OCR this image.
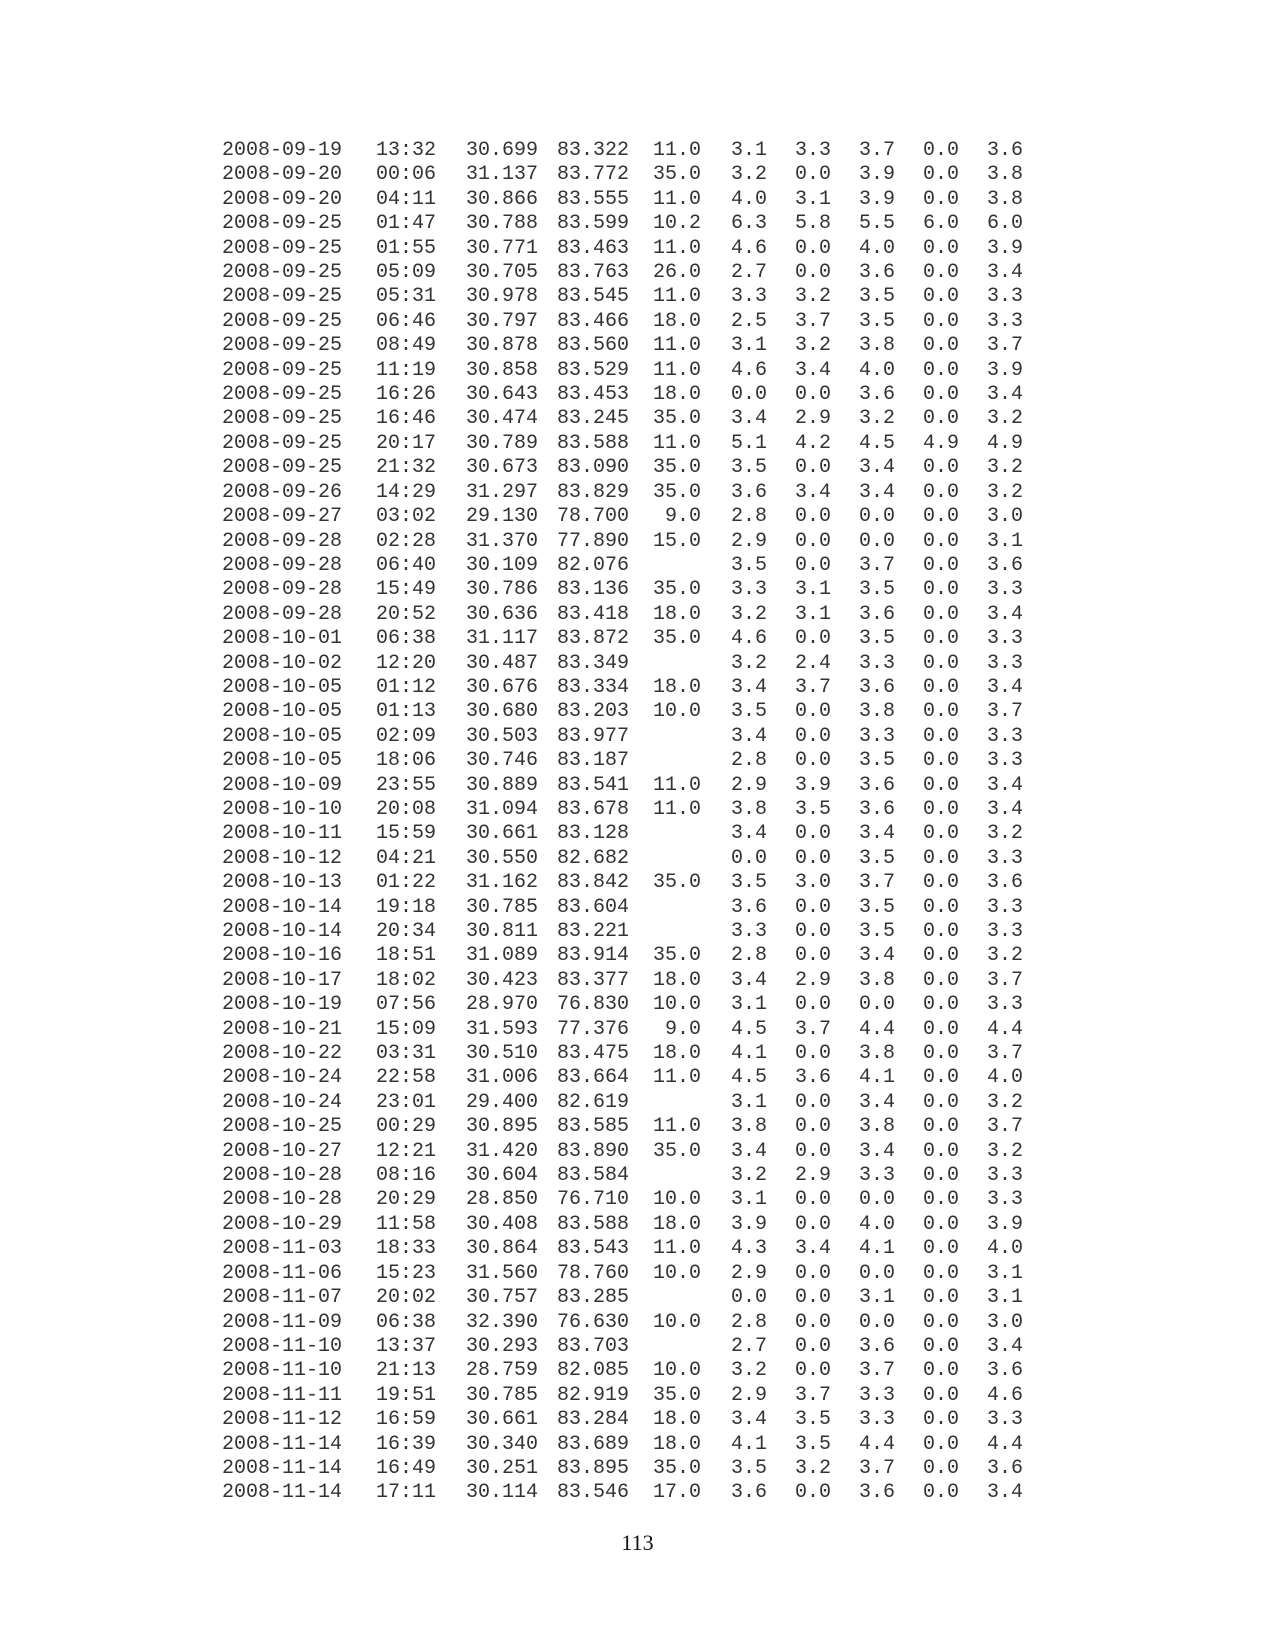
2008-09-19	13:32	30.699	83.322	11.0	3.1	3.3	3.7	0.0	3.6
2008-09-20	00:06	31.137	83.772	35.0	3.2	0.0	3.9	0.0	3.8
2008-09-20	04:11	30.866	83.555	11.0	4.0	3.1	3.9	0.0	3.8
2008-09-25	01:47	30.788	83.599	10.2	6.3	5.8	5.5	6.0	6.0
2008-09-25	01:55	30.771	83.463	11.0	4.6	0.0	4.0	0.0	3.9
2008-09-25	05:09	30.705	83.763	26.0	2.7	0.0	3.6	0.0	3.4
2008-09-25	05:31	30.978	83.545	11.0	3.3	3.2	3.5	0.0	3.3
2008-09-25	06:46	30.797	83.466	18.0	2.5	3.7	3.5	0.0	3.3
2008-09-25	08:49	30.878	83.560	11.0	3.1	3.2	3.8	0.0	3.7
2008-09-25	11:19	30.858	83.529	11.0	4.6	3.4	4.0	0.0	3.9
2008-09-25	16:26	30.643	83.453	18.0	0.0	0.0	3.6	0.0	3.4
2008-09-25	16:46	30.474	83.245	35.0	3.4	2.9	3.2	0.0	3.2
2008-09-25	20:17	30.789	83.588	11.0	5.1	4.2	4.5	4.9	4.9
2008-09-25	21:32	30.673	83.090	35.0	3.5	0.0	3.4	0.0	3.2
2008-09-26	14:29	31.297	83.829	35.0	3.6	3.4	3.4	0.0	3.2
2008-09-27	03:02	29.130	78.700	9.0	2.8	0.0	0.0	0.0	3.0
2008-09-28	02:28	31.370	77.890	15.0	2.9	0.0	0.0	0.0	3.1
2008-09-28	06:40	30.109	82.076		3.5	0.0	3.7	0.0	3.6
2008-09-28	15:49	30.786	83.136	35.0	3.3	3.1	3.5	0.0	3.3
2008-09-28	20:52	30.636	83.418	18.0	3.2	3.1	3.6	0.0	3.4
2008-10-01	06:38	31.117	83.872	35.0	4.6	0.0	3.5	0.0	3.3
2008-10-02	12:20	30.487	83.349		3.2	2.4	3.3	0.0	3.3
2008-10-05	01:12	30.676	83.334	18.0	3.4	3.7	3.6	0.0	3.4
2008-10-05	01:13	30.680	83.203	10.0	3.5	0.0	3.8	0.0	3.7
2008-10-05	02:09	30.503	83.977		3.4	0.0	3.3	0.0	3.3
2008-10-05	18:06	30.746	83.187		2.8	0.0	3.5	0.0	3.3
2008-10-09	23:55	30.889	83.541	11.0	2.9	3.9	3.6	0.0	3.4
2008-10-10	20:08	31.094	83.678	11.0	3.8	3.5	3.6	0.0	3.4
2008-10-11	15:59	30.661	83.128		3.4	0.0	3.4	0.0	3.2
2008-10-12	04:21	30.550	82.682		0.0	0.0	3.5	0.0	3.3
2008-10-13	01:22	31.162	83.842	35.0	3.5	3.0	3.7	0.0	3.6
2008-10-14	19:18	30.785	83.604		3.6	0.0	3.5	0.0	3.3
2008-10-14	20:34	30.811	83.221		3.3	0.0	3.5	0.0	3.3
2008-10-16	18:51	31.089	83.914	35.0	2.8	0.0	3.4	0.0	3.2
2008-10-17	18:02	30.423	83.377	18.0	3.4	2.9	3.8	0.0	3.7
2008-10-19	07:56	28.970	76.830	10.0	3.1	0.0	0.0	0.0	3.3
2008-10-21	15:09	31.593	77.376	9.0	4.5	3.7	4.4	0.0	4.4
2008-10-22	03:31	30.510	83.475	18.0	4.1	0.0	3.8	0.0	3.7
2008-10-24	22:58	31.006	83.664	11.0	4.5	3.6	4.1	0.0	4.0
2008-10-24	23:01	29.400	82.619		3.1	0.0	3.4	0.0	3.2
2008-10-25	00:29	30.895	83.585	11.0	3.8	0.0	3.8	0.0	3.7
2008-10-27	12:21	31.420	83.890	35.0	3.4	0.0	3.4	0.0	3.2
2008-10-28	08:16	30.604	83.584		3.2	2.9	3.3	0.0	3.3
2008-10-28	20:29	28.850	76.710	10.0	3.1	0.0	0.0	0.0	3.3
2008-10-29	11:58	30.408	83.588	18.0	3.9	0.0	4.0	0.0	3.9
2008-11-03	18:33	30.864	83.543	11.0	4.3	3.4	4.1	0.0	4.0
2008-11-06	15:23	31.560	78.760	10.0	2.9	0.0	0.0	0.0	3.1
2008-11-07	20:02	30.757	83.285		0.0	0.0	3.1	0.0	3.1
2008-11-09	06:38	32.390	76.630	10.0	2.8	0.0	0.0	0.0	3.0
2008-11-10	13:37	30.293	83.703		2.7	0.0	3.6	0.0	3.4
2008-11-10	21:13	28.759	82.085	10.0	3.2	0.0	3.7	0.0	3.6
2008-11-11	19:51	30.785	82.919	35.0	2.9	3.7	3.3	0.0	4.6
2008-11-12	16:59	30.661	83.284	18.0	3.4	3.5	3.3	0.0	3.3
2008-11-14	16:39	30.340	83.689	18.0	4.1	3.5	4.4	0.0	4.4
2008-11-14	16:49	30.251	83.895	35.0	3.5	3.2	3.7	0.0	3.6
2008-11-14	17:11	30.114	83.546	17.0	3.6	0.0	3.6	0.0	3.4
113
